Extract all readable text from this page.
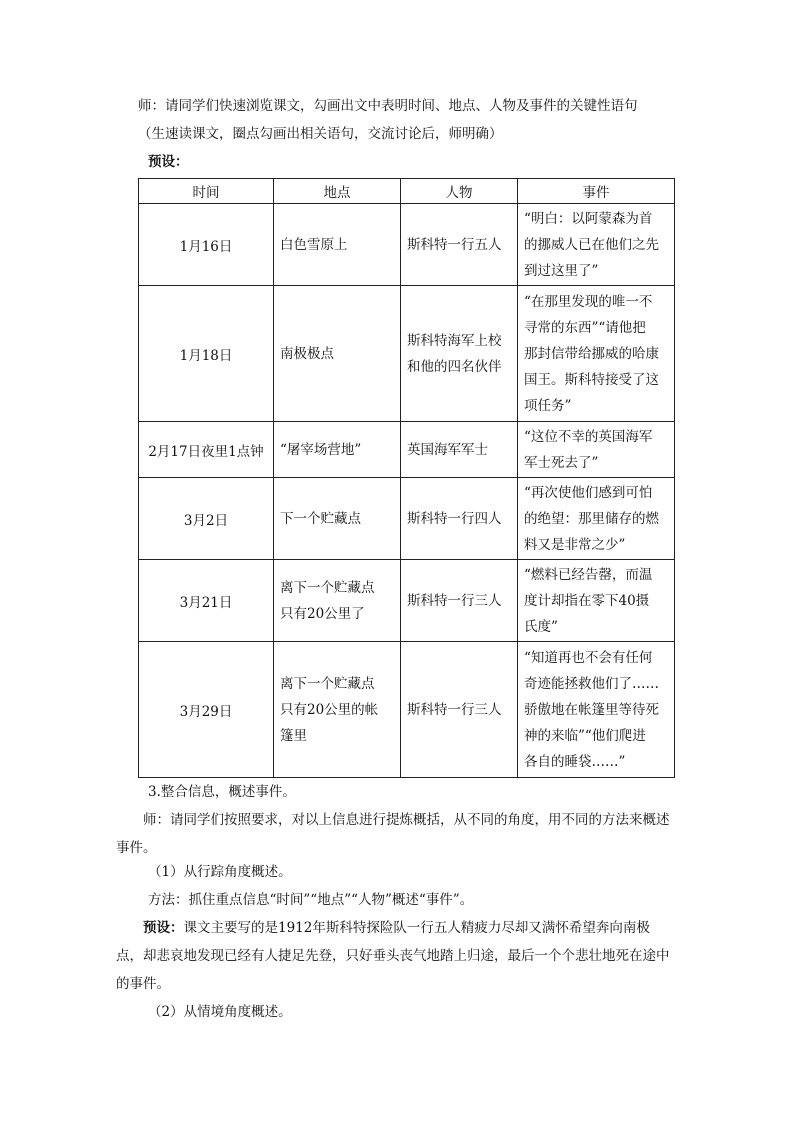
师：请同学们快速浏览课文，勾画出文中表明时间、地点、人物及事件的关键性语句
（生速读课文，圈点勾画出相关语句，交流讨论后，师明确）
预设：
时间	地点	人物	事件
1月16日	白色雪原上	斯科特一行五人	“明白：以阿蒙森为首
的挪威人已在他们之先
到过这里了”

1月18日	南极极点	斯科特海军上校
和他的四名伙伴	“在那里发现的唯一不
寻常的东西”“请他把
那封信带给挪威的哈康
国王。斯科特接受了这
项任务”

2月17日夜里1点钟	“屠宰场营地”	英国海军军士	“这位不幸的英国海军
军士死去了”

3月2日	下一个贮藏点	斯科特一行四人	“再次使他们感到可怕
的绝望：那里储存的燃
料又是非常之少”

3月21日	离下一个贮藏点
只有20公里了	斯科特一行三人	“燃料已经告罄，而温
度计却指在零下40摄
氏度”

3月29日	离下一个贮藏点
只有20公里的帐
篷里	斯科特一行三人	“知道再也不会有任何
奇迹能拯救他们了……
骄傲地在帐篷里等待死
神的来临”“他们爬进
各自的睡袋……”
3.整合信息，概述事件。
师：请同学们按照要求，对以上信息进行提炼概括，从不同的角度，用不同的方法来概述事件。
（1）从行踪角度概述。
方法：抓住重点信息“时间”“地点”“人物”概述“事件”。
预设：课文主要写的是1912年斯科特探险队一行五人精疲力尽却又满怀希望奔向南极点，却悲哀地发现已经有人捷足先登，只好垂头丧气地踏上归途，最后一个个悲壮地死在途中的事件。
（2）从情境角度概述。
